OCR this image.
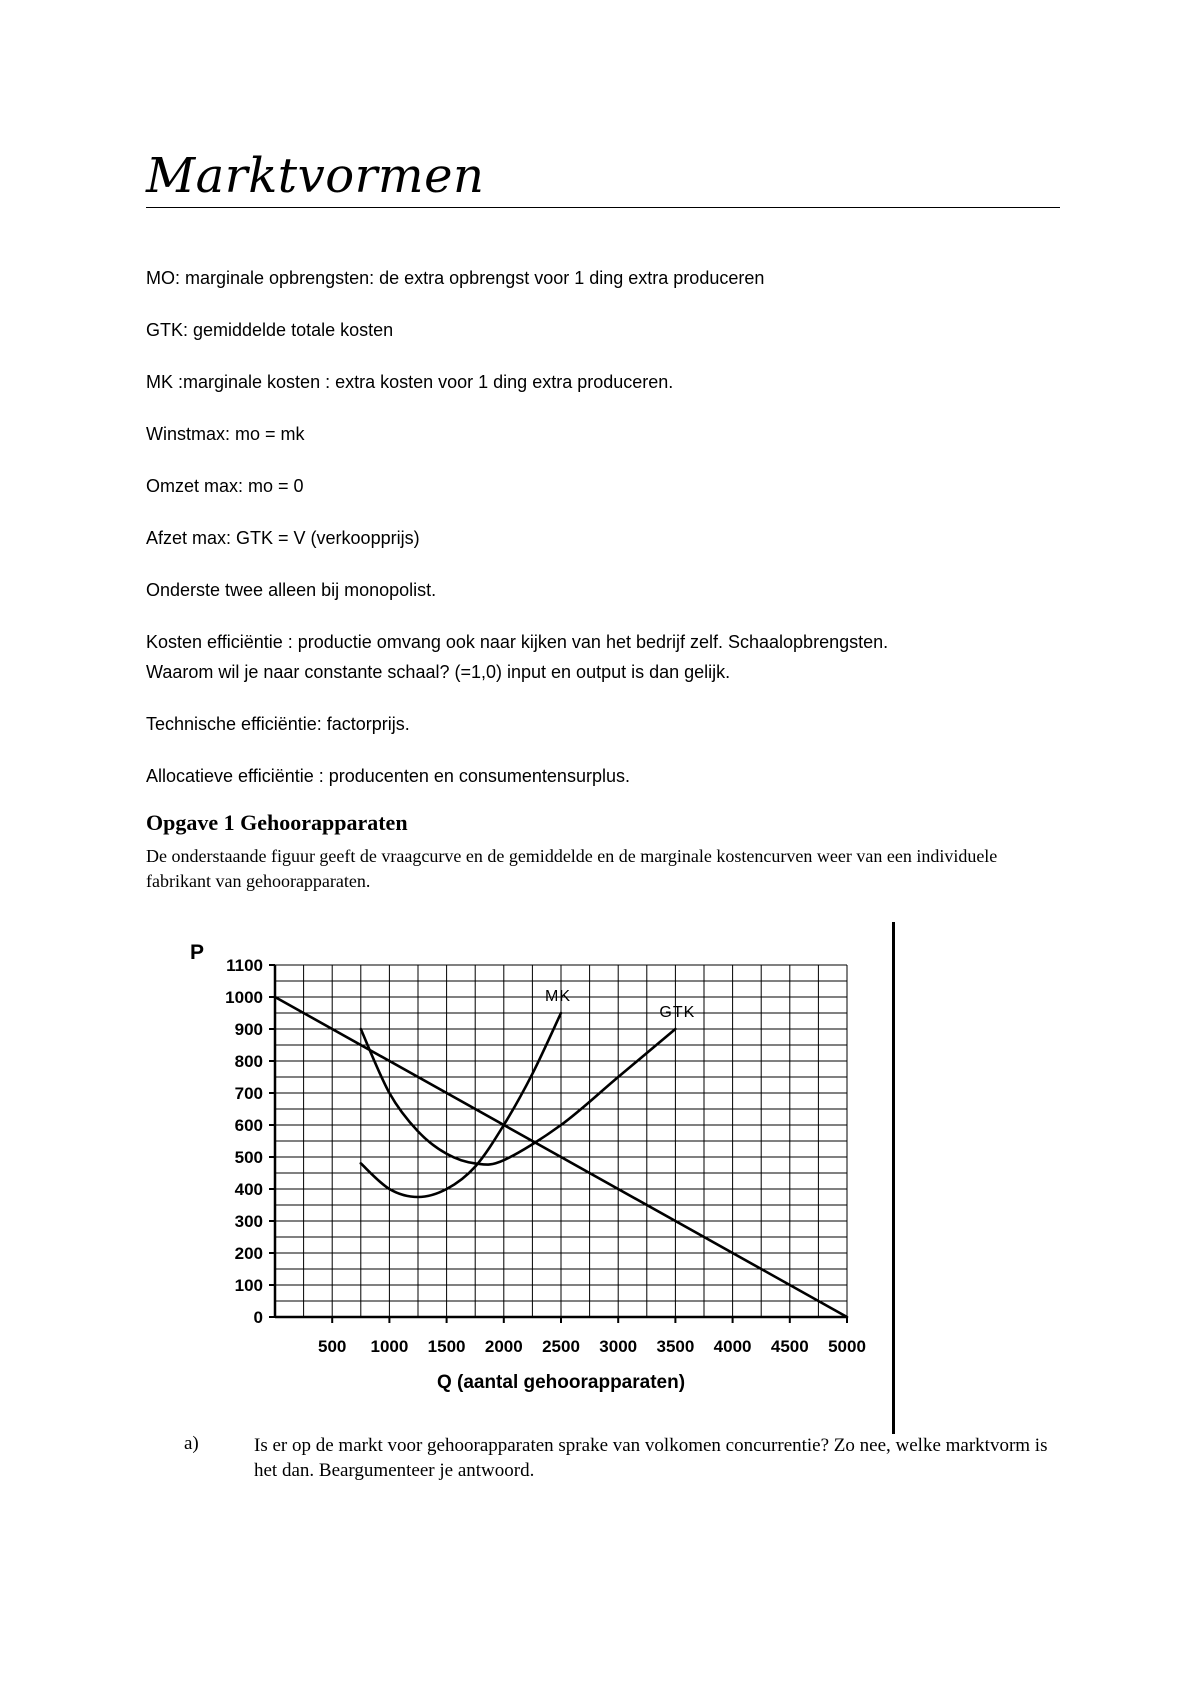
Marktvormen

MO: marginale opbrengsten: de extra opbrengst voor 1 ding extra produceren

GTK: gemiddelde totale kosten

MK :marginale kosten : extra kosten voor 1 ding extra produceren.

Winstmax: mo = mk

Omzet max: mo = 0

Afzet max: GTK = V (verkoopprijs)

Onderste twee alleen bij monopolist.

Kosten efficiëntie : productie omvang ook naar kijken van het bedrijf zelf. Schaalopbrengsten.

Waarom wil je naar constante schaal? (=1,0) input en output is dan gelijk.

Technische efficiëntie: factorprijs.

Allocatieve efficiëntie : producenten en consumentensurplus.

Opgave 1 Gehoorapparaten

De onderstaande figuur geeft de vraagcurve en de gemiddelde en de marginale kostencurven weer van een individuele fabrikant van gehoorapparaten.

0
100
200
300
400
500
600
700
800
900
1000
1100
500 1000 1500 2000 2500 3000 3500 4000 4500 5000
P
Q (aantal gehoorapparaten)
MK
GTK

a)	Is er op de markt voor gehoorapparaten sprake van volkomen concurrentie? Zo nee, welke marktvorm is het dan. Beargumenteer je antwoord.
